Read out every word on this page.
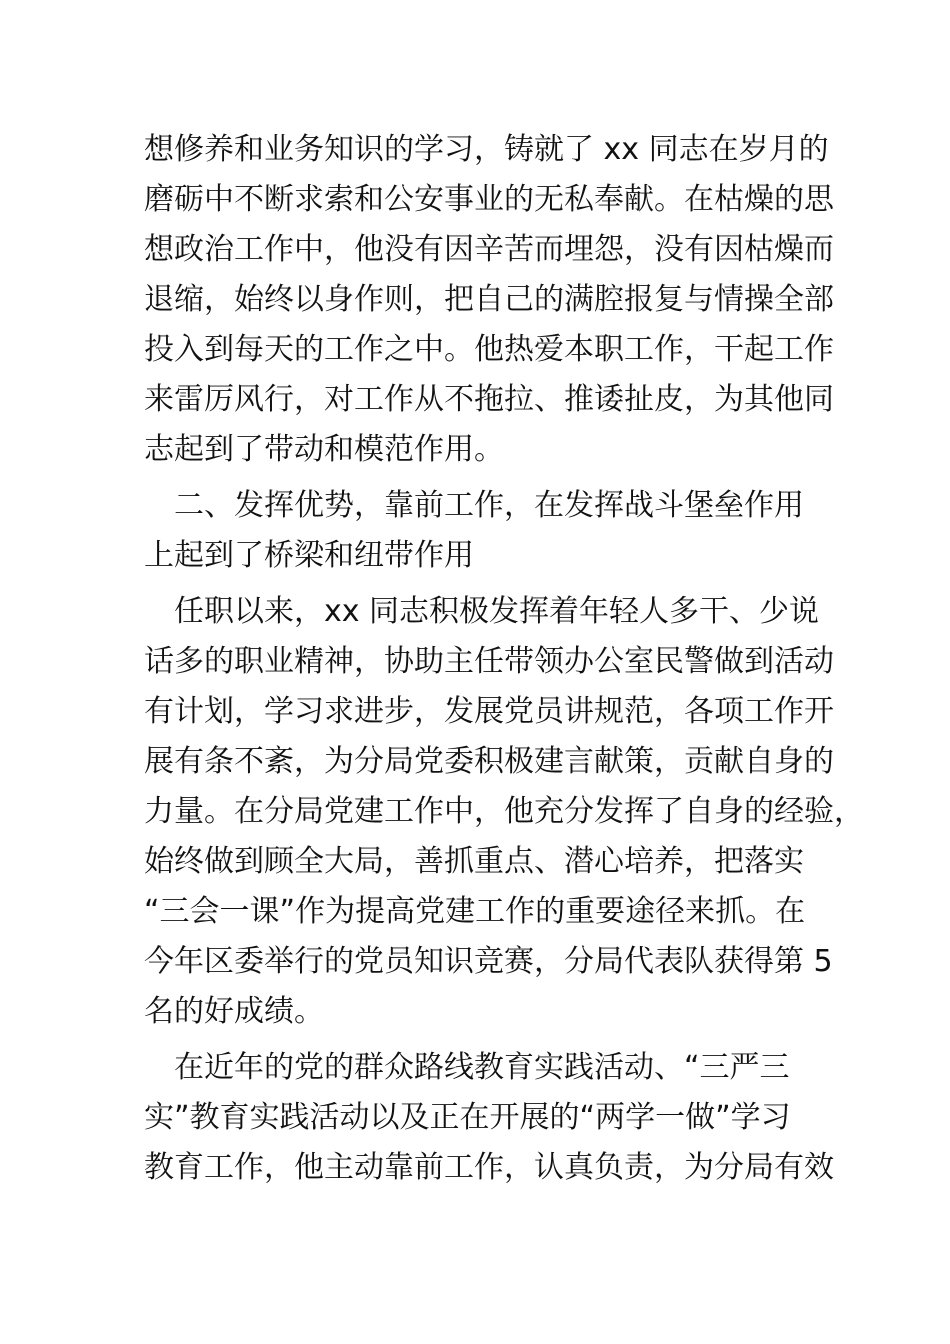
想修养和业务知识的学习，铸就了 xx 同志在岁月的
磨砺中不断求索和公安事业的无私奉献。在枯燥的思
想政治工作中，他没有因辛苦而埋怨，没有因枯燥而
退缩，始终以身作则，把自己的满腔报复与情操全部
投入到每天的工作之中。他热爱本职工作，干起工作
来雷厉风行，对工作从不拖拉、推诿扯皮，为其他同
志起到了带动和模范作用。
　二、发挥优势，靠前工作，在发挥战斗堡垒作用
上起到了桥梁和纽带作用
　任职以来，xx 同志积极发挥着年轻人多干、少说
话多的职业精神，协助主任带领办公室民警做到活动
有计划，学习求进步，发展党员讲规范，各项工作开
展有条不紊，为分局党委积极建言献策，贡献自身的
力量。在分局党建工作中，他充分发挥了自身的经验，
始终做到顾全大局，善抓重点、潜心培养，把落实
“三会一课”作为提高党建工作的重要途径来抓。在
今年区委举行的党员知识竞赛，分局代表队获得第 5
名的好成绩。
　在近年的党的群众路线教育实践活动、“三严三
实”教育实践活动以及正在开展的“两学一做”学习
教育工作，他主动靠前工作，认真负责，为分局有效
